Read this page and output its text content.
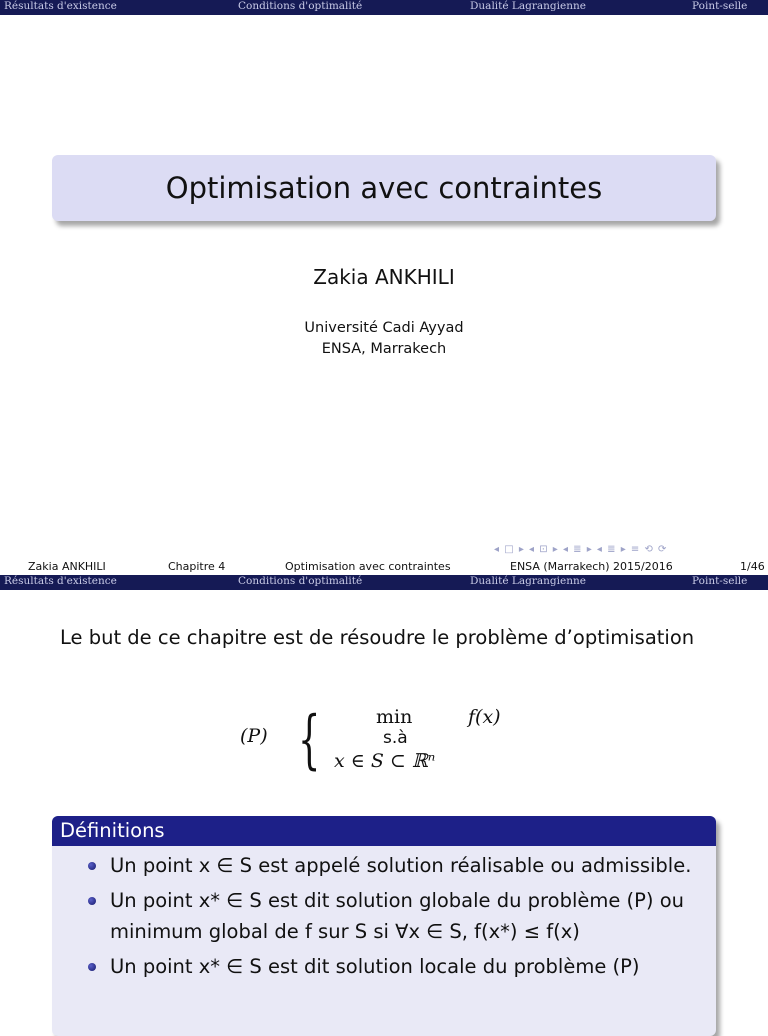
Résultats d'existence	Conditions d'optimalité	Dualité Lagrangienne	Point-selle
Optimisation avec contraintes
Zakia ANKHILI
Université Cadi Ayyad
ENSA, Marrakech
◂ □ ▸ ◂ ⊡ ▸ ◂ ≣ ▸ ◂ ≣ ▸ ≡ ⟲ ⟳
Zakia ANKHILI	Chapitre 4	Optimisation avec contraintes	ENSA (Marrakech) 2015/2016	1/46
Résultats d'existence	Conditions d'optimalité	Dualité Lagrangienne	Point-selle
Le but de ce chapitre est de résoudre le problème d’optimisation
(P) {	min	f(x)
s.à
x ∈ S ⊂ ℝⁿ
Définitions
Un point x ∈ S est appelé solution réalisable ou admissible.
Un point x* ∈ S est dit solution globale du problème (P) ou minimum global de f sur S si ∀x ∈ S, f(x*) ≤ f(x)
Un point x* ∈ S est dit solution locale du problème (P)
